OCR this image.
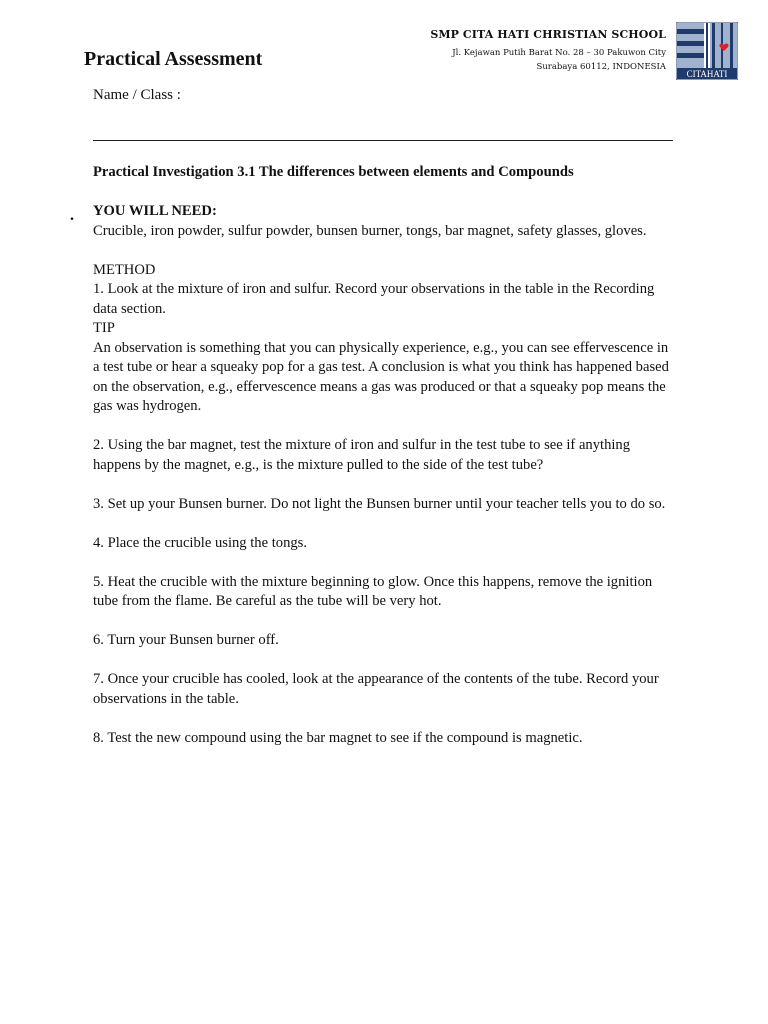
SMP CITA HATI CHRISTIAN SCHOOL
Jl. Kejawan Putih Barat No. 28 – 30 Pakuwon City
Surabaya 60112, INDONESIA
CITAHATI
Practical Assessment
Name / Class :
.

Practical Investigation 3.1 The differences between elements and Compounds

YOU WILL NEED:

Crucible, iron powder, sulfur powder, bunsen burner, tongs, bar magnet, safety glasses, gloves.

METHOD

1. Look at the mixture of iron and sulfur. Record your observations in the table in the Recording data section.

TIP

An observation is something that you can physically experience, e.g., you can see effervescence in a test tube or hear a squeaky pop for a gas test. A conclusion is what you think has happened based on the observation, e.g., effervescence means a gas was produced or that a squeaky pop means the gas was hydrogen.

2. Using the bar magnet, test the mixture of iron and sulfur in the test tube to see if anything happens by the magnet, e.g., is the mixture pulled to the side of the test tube?

3. Set up your Bunsen burner. Do not light the Bunsen burner until your teacher tells you to do so.

4. Place the crucible using the tongs.

5. Heat the crucible with the mixture beginning to glow. Once this happens, remove the ignition tube from the flame. Be careful as the tube will be very hot.

6. Turn your Bunsen burner off.

7. Once your crucible has cooled, look at the appearance of the contents of the tube. Record your observations in the table.

8. Test the new compound using the bar magnet to see if the compound is magnetic.
